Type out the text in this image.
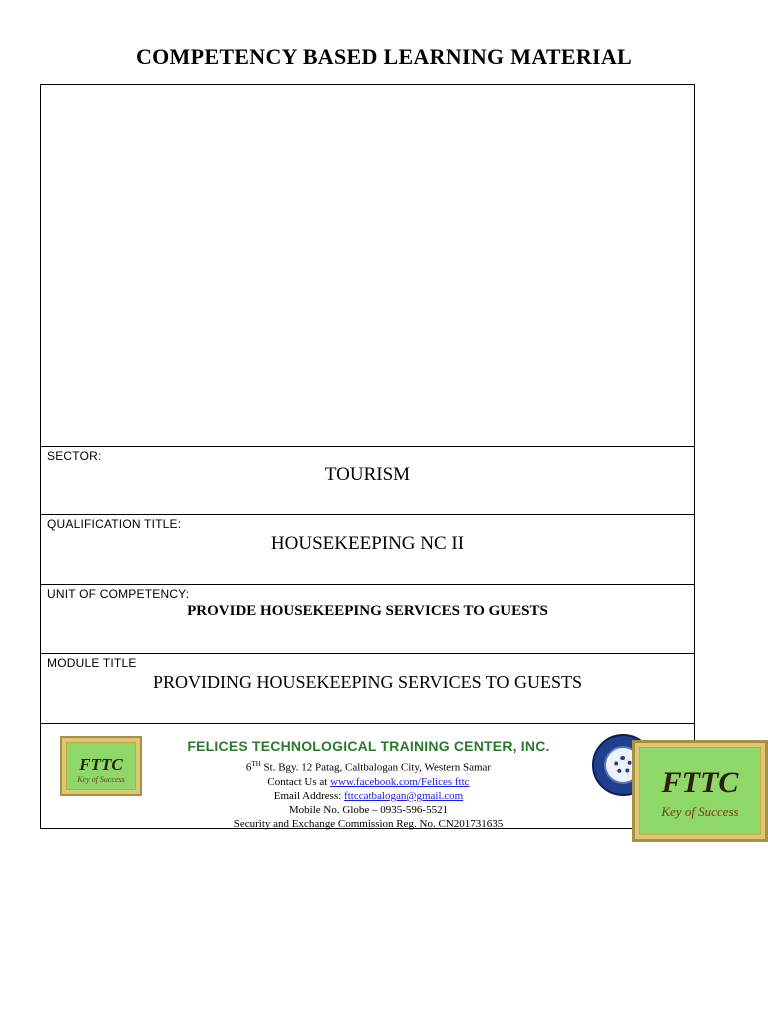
COMPETENCY BASED LEARNING MATERIAL
SECTOR:
TOURISM
QUALIFICATION TITLE:
HOUSEKEEPING NC II
UNIT OF COMPETENCY:
PROVIDE HOUSEKEEPING SERVICES TO GUESTS
MODULE TITLE
PROVIDING HOUSEKEEPING SERVICES TO GUESTS
FTTC
Key of Success
FELICES TECHNOLOGICAL TRAINING CENTER, INC.
6TH St. Bgy. 12 Patag, Caltbalogan City, Western Samar
Contact Us at www.facebook.com/Felices fttc
Email Address: fttccatbalogan@gmail.com
Mobile No. Globe – 0935-596-5521
Security and Exchange Commission Reg. No. CN201731635
FTTC
Key of Success
